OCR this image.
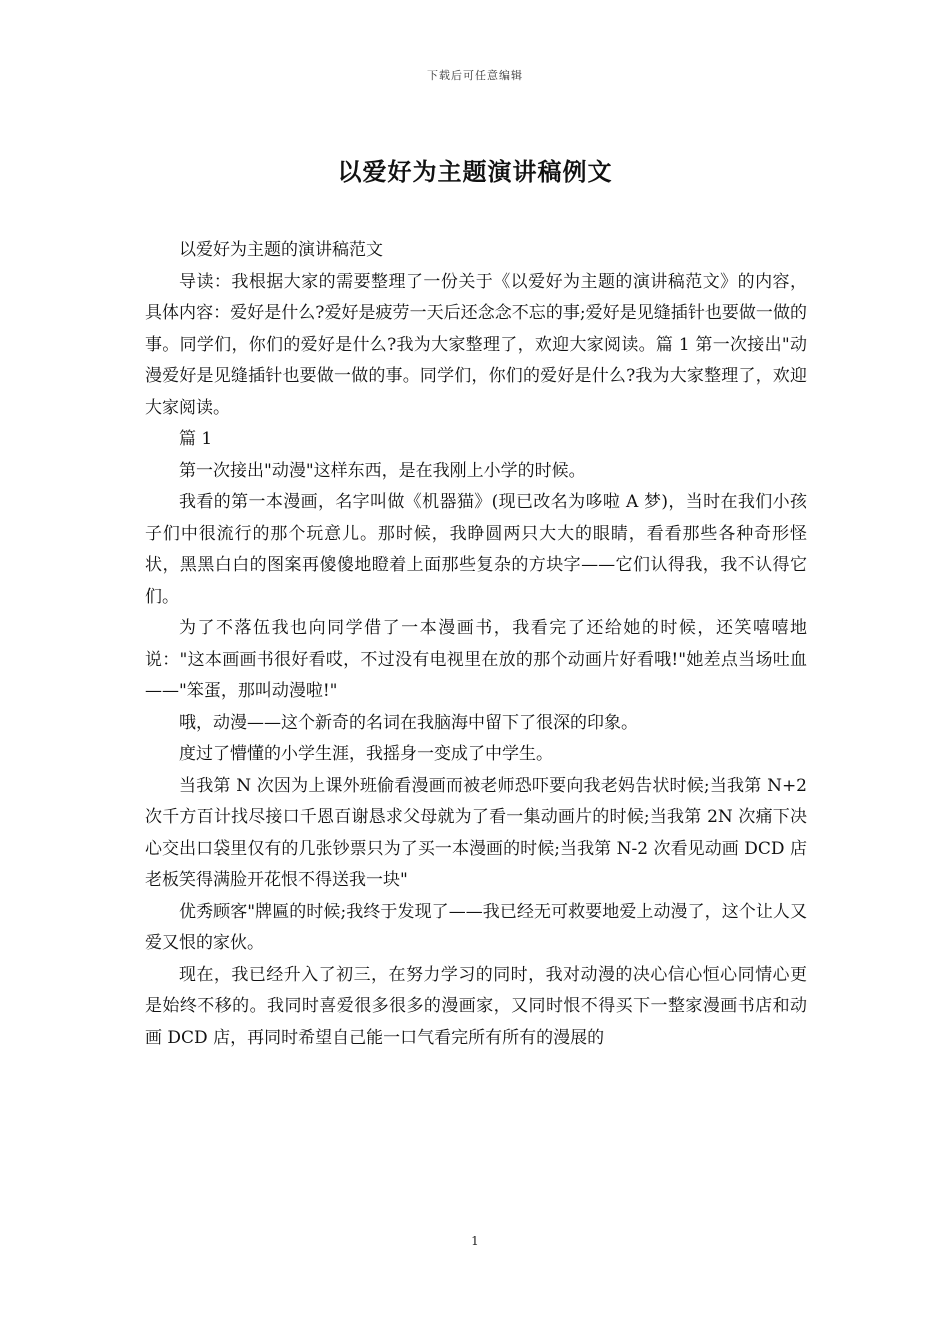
下载后可任意编辑
以爱好为主题演讲稿例文

以爱好为主题的演讲稿范文

导读：我根据大家的需要整理了一份关于《以爱好为主题的演讲稿范文》的内容，具体内容：爱好是什么?爱好是疲劳一天后还念念不忘的事;爱好是见缝插针也要做一做的事。同学们，你们的爱好是什么?我为大家整理了，欢迎大家阅读。篇 1 第一次接出"动漫爱好是见缝插针也要做一做的事。同学们，你们的爱好是什么?我为大家整理了，欢迎大家阅读。

篇 1

第一次接出"动漫"这样东西，是在我刚上小学的时候。

我看的第一本漫画，名字叫做《机器猫》(现已改名为哆啦 A 梦)，当时在我们小孩子们中很流行的那个玩意儿。那时候，我睁圆两只大大的眼睛，看看那些各种奇形怪状，黑黑白白的图案再傻傻地瞪着上面那些复杂的方块字——它们认得我，我不认得它们。

为了不落伍我也向同学借了一本漫画书，我看完了还给她的时候，还笑嘻嘻地说："这本画画书很好看哎，不过没有电视里在放的那个动画片好看哦!"她差点当场吐血——"笨蛋，那叫动漫啦!"

哦，动漫——这个新奇的名词在我脑海中留下了很深的印象。

度过了懵懂的小学生涯，我摇身一变成了中学生。

当我第 N 次因为上课外班偷看漫画而被老师恐吓要向我老妈告状时候;当我第 N+2 次千方百计找尽接口千恩百谢恳求父母就为了看一集动画片的时候;当我第 2N 次痛下决心交出口袋里仅有的几张钞票只为了买一本漫画的时候;当我第 N-2 次看见动画 DCD 店老板笑得满脸开花恨不得送我一块"

优秀顾客"牌匾的时候;我终于发现了——我已经无可救要地爱上动漫了，这个让人又爱又恨的家伙。

现在，我已经升入了初三，在努力学习的同时，我对动漫的决心信心恒心同情心更是始终不移的。我同时喜爱很多很多的漫画家，又同时恨不得买下一整家漫画书店和动画 DCD 店，再同时希望自己能一口气看完所有所有的漫展的

1
